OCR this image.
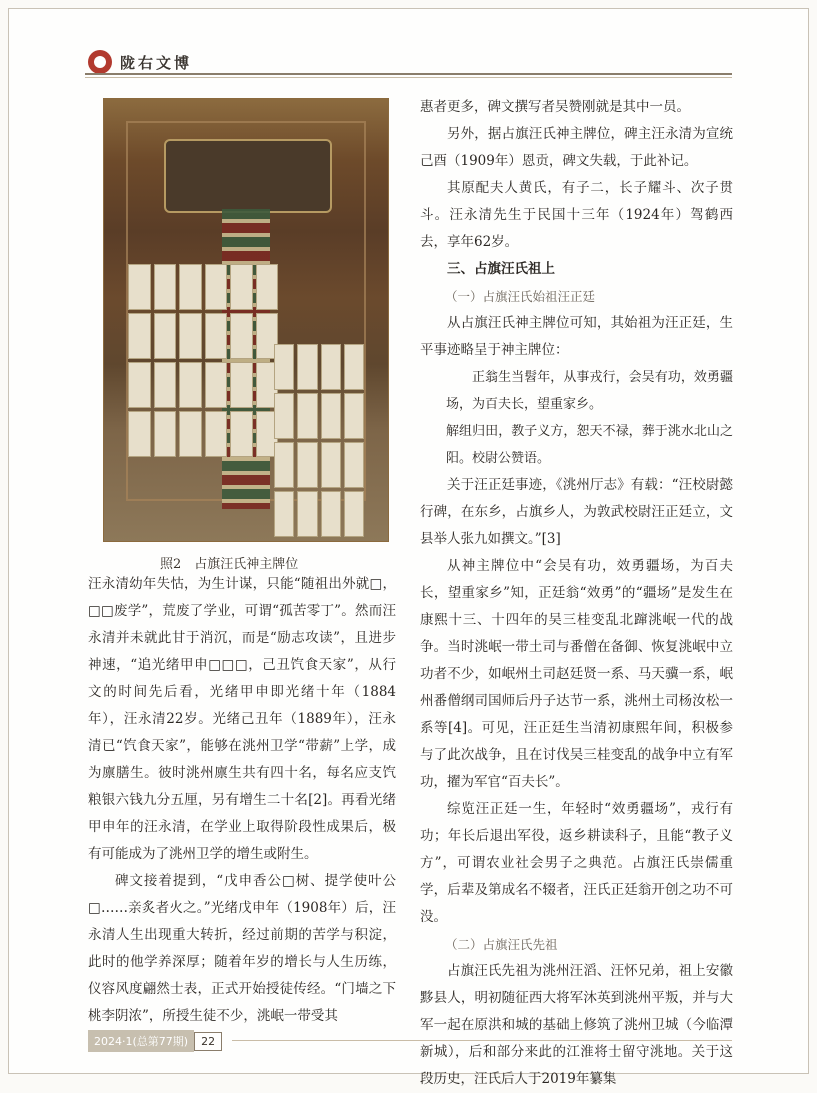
陇右文博
照2　占旗汪氏神主牌位

汪永清幼年失怙，为生计谋，只能“随祖出外就□，□□废学”，荒废了学业，可谓“孤苦零丁”。然而汪永清并未就此甘于消沉，而是“励志攻读”，且进步神速，“追光绪甲申□□□，己丑饩食天家”，从行文的时间先后看，光绪甲申即光绪十年（1884年），汪永清22岁。光绪己丑年（1889年），汪永清已“饩食天家”，能够在洮州卫学“带薪”上学，成为廪膳生。彼时洮州廪生共有四十名，每名应支饩粮银六钱九分五厘，另有增生二十名[2]。再看光绪甲申年的汪永清，在学业上取得阶段性成果后，极有可能成为了洮州卫学的增生或附生。

碑文接着提到，“戊申香公□树、提学使叶公□……亲炙者火之。”光绪戊申年（1908年）后，汪永清人生出现重大转折，经过前期的苦学与积淀，此时的他学养深厚；随着年岁的增长与人生历练，仪容风度翩然士表，正式开始授徒传经。“门墙之下桃李阴浓”，所授生徒不少，洮岷一带受其

惠者更多，碑文撰写者吴赞刚就是其中一员。

另外，据占旗汪氏神主牌位，碑主汪永清为宣统己酉（1909年）恩贡，碑文失载，于此补记。

其原配夫人黄氏，有子二，长子耀斗、次子贯斗。汪永清先生于民国十三年（1924年）驾鹤西去，享年62岁。

三、占旗汪氏祖上

（一）占旗汪氏始祖汪正廷

从占旗汪氏神主牌位可知，其始祖为汪正廷，生平事迹略呈于神主牌位：

正翁生当髫年，从事戎行，会吴有功，效勇疆场，为百夫长，望重家乡。

解组归田，教子义方，恕天不禄，葬于洮水北山之阳。校尉公赞语。

关于汪正廷事迹，《洮州厅志》有载：“汪校尉懿行碑，在东乡，占旗乡人，为敦武校尉汪正廷立，文县举人张九如撰文。”[3]

从神主牌位中“会吴有功，效勇疆场，为百夫长，望重家乡”知，正廷翁“效勇”的“疆场”是发生在康熙十三、十四年的吴三桂变乱北蹿洮岷一代的战争。当时洮岷一带土司与番僧在备御、恢复洮岷中立功者不少，如岷州土司赵廷贤一系、马天骥一系，岷州番僧纲司国师后丹子达节一系，洮州土司杨汝松一系等[4]。可见，汪正廷生当清初康熙年间，积极参与了此次战争，且在讨伐吴三桂变乱的战争中立有军功，擢为军官“百夫长”。

综览汪正廷一生，年轻时“效勇疆场”，戎行有功；年长后退出军役，返乡耕读科子，且能“教子义方”，可谓农业社会男子之典范。占旗汪氏崇儒重学，后辈及第成名不辍者，汪氏正廷翁开创之功不可没。

（二）占旗汪氏先祖

占旗汪氏先祖为洮州汪滔、汪怀兄弟，祖上安徽黟县人，明初随征西大将军沐英到洮州平叛，并与大军一起在原洪和城的基础上修筑了洮州卫城（今临潭新城），后和部分来此的江淮将士留守洮地。关于这段历史，汪氏后人于2019年纂集

2024·1(总第77期)	22
